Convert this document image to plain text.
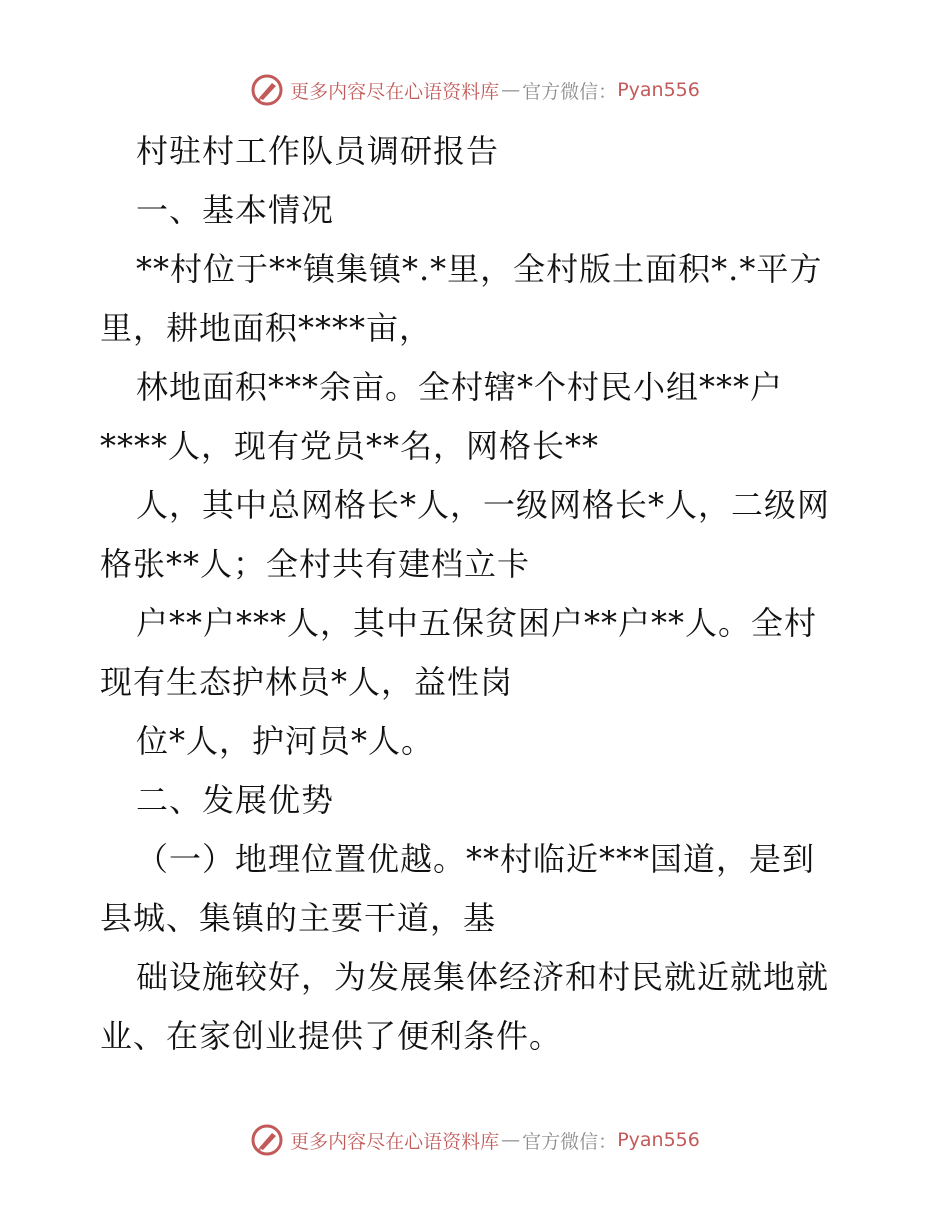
更多内容尽在心语资料库 — 官方微信： Pyan556

村驻村工作队员调研报告

一、基本情况

**村位于**镇集镇*.*里，全村版土面积*.*平方

里，耕地面积****亩，

林地面积***余亩。全村辖*个村民小组***户

****人，现有党员**名，网格长**

人，其中总网格长*人，一级网格长*人，二级网

格张**人；全村共有建档立卡

户**户***人，其中五保贫困户**户**人。全村

现有生态护林员*人，益性岗

位*人，护河员*人。

二、发展优势

（一）地理位置优越。**村临近***国道，是到

县城、集镇的主要干道，基

础设施较好，为发展集体经济和村民就近就地就

业、在家创业提供了便利条件。

更多内容尽在心语资料库 — 官方微信： Pyan556
